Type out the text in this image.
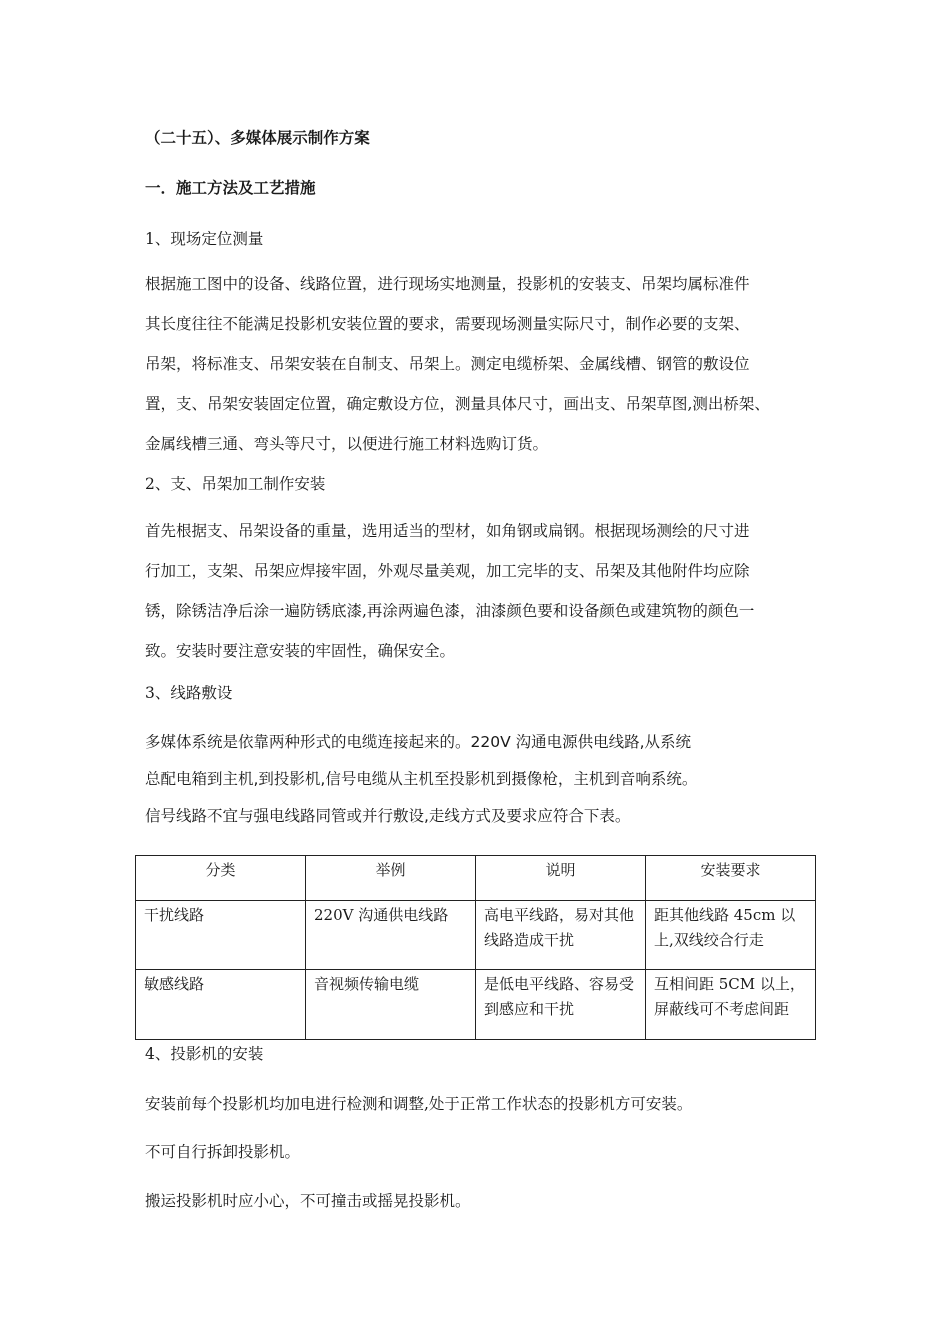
（二十五）、多媒体展示制作方案
一．施工方法及工艺措施
1、现场定位测量
根据施工图中的设备、线路位置，进行现场实地测量，投影机的安装支、吊架均属标准件
其长度往往不能满足投影机安装位置的要求，需要现场测量实际尺寸，制作必要的支架、
吊架，将标准支、吊架安装在自制支、吊架上。测定电缆桥架、金属线槽、钢管的敷设位
置，支、吊架安装固定位置，确定敷设方位，测量具体尺寸，画出支、吊架草图,测出桥架、
金属线槽三通、弯头等尺寸，以便进行施工材料选购订货。
2、支、吊架加工制作安装
首先根据支、吊架设备的重量，选用适当的型材，如角钢或扁钢。根据现场测绘的尺寸进
行加工，支架、吊架应焊接牢固，外观尽量美观，加工完毕的支、吊架及其他附件均应除
锈，除锈洁净后涂一遍防锈底漆,再涂两遍色漆，油漆颜色要和设备颜色或建筑物的颜色一
致。安装时要注意安装的牢固性，确保安全。
3、线路敷设
多媒体系统是依靠两种形式的电缆连接起来的。220V 沟通电源供电线路,从系统
总配电箱到主机,到投影机,信号电缆从主机至投影机到摄像枪，主机到音响系统。
信号线路不宜与强电线路同管或并行敷设,走线方式及要求应符合下表。
分类	举例	说明	安装要求
干扰线路	220V 沟通供电线路	高电平线路，易对其他线路造成干扰	距其他线路 45cm 以上,双线绞合行走
敏感线路	音视频传输电缆	是低电平线路、容易受到感应和干扰	互相间距 5CM 以上，屏蔽线可不考虑间距
4、投影机的安装
安装前每个投影机均加电进行检测和调整,处于正常工作状态的投影机方可安装。
不可自行拆卸投影机。
搬运投影机时应小心，不可撞击或摇晃投影机。
